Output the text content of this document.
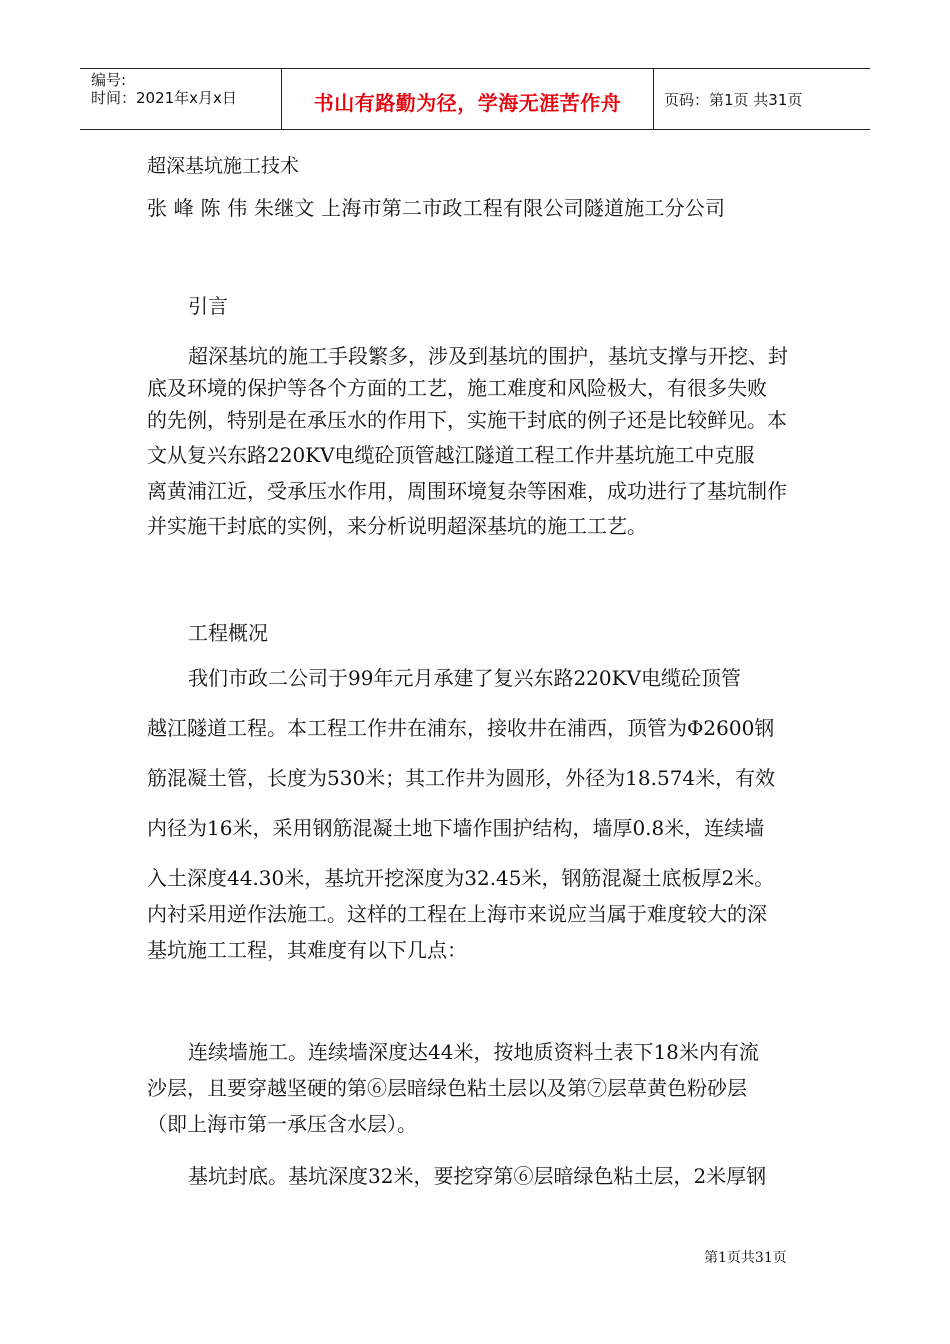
编号:
时间：2021年x月x日	书山有路勤为径，学海无涯苦作舟	页码：第1页 共31页
超深基坑施工技术
张 峰 陈 伟 朱继文 上海市第二市政工程有限公司隧道施工分公司
引言
超深基坑的施工手段繁多，涉及到基坑的围护，基坑支撑与开挖、封
底及环境的保护等各个方面的工艺，施工难度和风险极大，有很多失败
的先例，特别是在承压水的作用下，实施干封底的例子还是比较鲜见。本
文从复兴东路220KV电缆砼顶管越江隧道工程工作井基坑施工中克服
离黄浦江近，受承压水作用，周围环境复杂等困难，成功进行了基坑制作
并实施干封底的实例，来分析说明超深基坑的施工工艺。
工程概况
我们市政二公司于99年元月承建了复兴东路220KV电缆砼顶管
越江隧道工程。本工程工作井在浦东，接收井在浦西，顶管为Φ2600钢
筋混凝土管，长度为530米；其工作井为圆形，外径为18.574米，有效
内径为16米，采用钢筋混凝土地下墙作围护结构，墙厚0.8米，连续墙
入土深度44.30米，基坑开挖深度为32.45米，钢筋混凝土底板厚2米。
内衬采用逆作法施工。这样的工程在上海市来说应当属于难度较大的深
基坑施工工程，其难度有以下几点：
连续墙施工。连续墙深度达44米，按地质资料土表下18米内有流
沙层，且要穿越坚硬的第⑥层暗绿色粘土层以及第⑦层草黄色粉砂层
（即上海市第一承压含水层）。
基坑封底。基坑深度32米，要挖穿第⑥层暗绿色粘土层，2米厚钢
第1页共31页
